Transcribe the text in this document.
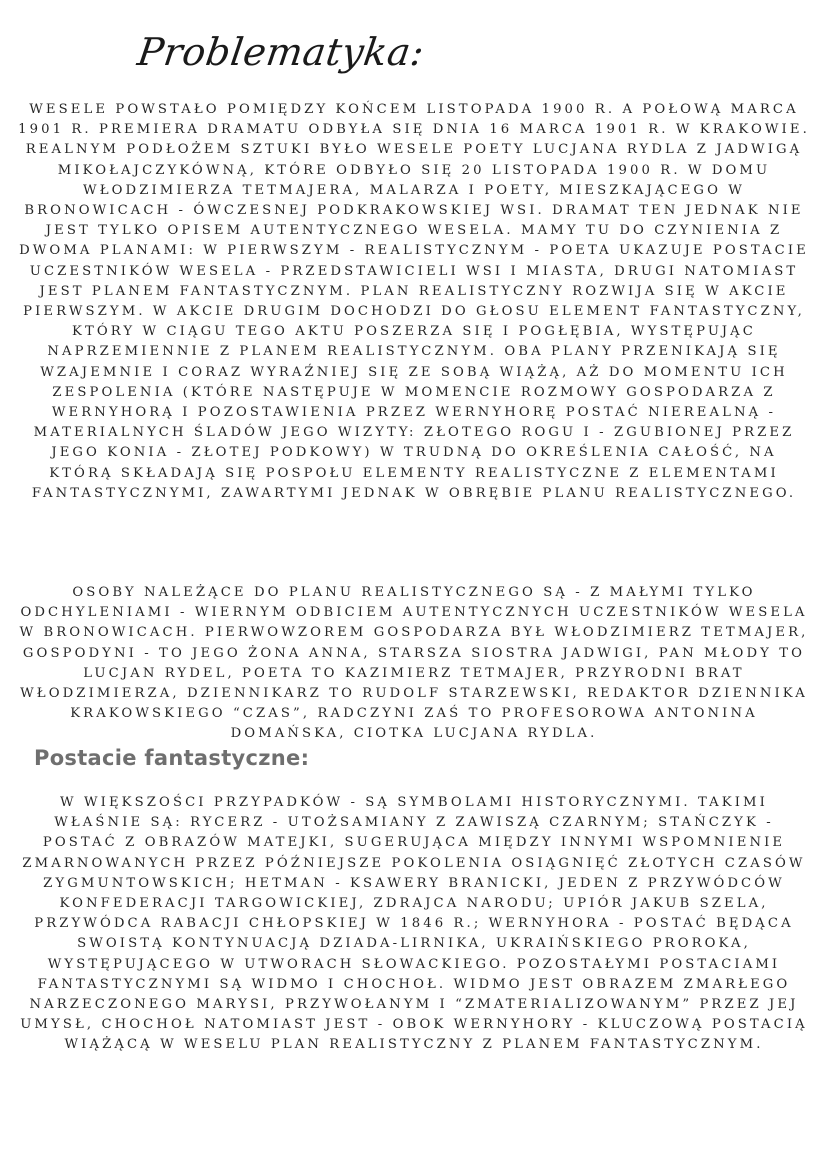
Problematyka:

WESELE POWSTAŁO POMIĘDZY KOŃCEM LISTOPADA 1900 R. A POŁOWĄ MARCA 1901 R. PREMIERA DRAMATU ODBYŁA SIĘ DNIA 16 MARCA 1901 R. W KRAKOWIE. REALNYM PODŁOŻEM SZTUKI BYŁO WESELE POETY LUCJANA RYDLA Z JADWIGĄ MIKOŁAJCZYKÓWNĄ, KTÓRE ODBYŁO SIĘ 20 LISTOPADA 1900 R. W DOMU WŁODZIMIERZA TETMAJERA, MALARZA I POETY, MIESZKAJĄCEGO W BRONOWICACH - ÓWCZESNEJ PODKRAKOWSKIEJ WSI. DRAMAT TEN JEDNAK NIE JEST TYLKO OPISEM AUTENTYCZNEGO WESELA. MAMY TU DO CZYNIENIA Z DWOMA PLANAMI: W PIERWSZYM - REALISTYCZNYM - POETA UKAZUJE POSTACIE UCZESTNIKÓW WESELA - PRZEDSTAWICIELI WSI I MIASTA, DRUGI NATOMIAST JEST PLANEM FANTASTYCZNYM. PLAN REALISTYCZNY ROZWIJA SIĘ W AKCIE PIERWSZYM. W AKCIE DRUGIM DOCHODZI DO GŁOSU ELEMENT FANTASTYCZNY, KTÓRY W CIĄGU TEGO AKTU POSZERZA SIĘ I POGŁĘBIA, WYSTĘPUJĄC NAPRZEMIENNIE Z PLANEM REALISTYCZNYM. OBA PLANY PRZENIKAJĄ SIĘ WZAJEMNIE I CORAZ WYRAŹNIEJ SIĘ ZE SOBĄ WIĄŻĄ, AŻ DO MOMENTU ICH ZESPOLENIA (KTÓRE NASTĘPUJE W MOMENCIE ROZMOWY GOSPODARZA Z WERNYHORĄ I POZOSTAWIENIA PRZEZ WERNYHORĘ POSTAĆ NIEREALNĄ - MATERIALNYCH ŚLADÓW JEGO WIZYTY: ZŁOTEGO ROGU I - ZGUBIONEJ PRZEZ JEGO KONIA - ZŁOTEJ PODKOWY) W TRUDNĄ DO OKREŚLENIA CAŁOŚĆ, NA KTÓRĄ SKŁADAJĄ SIĘ POSPOŁU ELEMENTY REALISTYCZNE Z ELEMENTAMI FANTASTYCZNYMI, ZAWARTYMI JEDNAK W OBRĘBIE PLANU REALISTYCZNEGO.

OSOBY NALEŻĄCE DO PLANU REALISTYCZNEGO SĄ - Z MAŁYMI TYLKO ODCHYLENIAMI - WIERNYM ODBICIEM AUTENTYCZNYCH UCZESTNIKÓW WESELA W BRONOWICACH. PIERWOWZOREM GOSPODARZA BYŁ WŁODZIMIERZ TETMAJER, GOSPODYNI - TO JEGO ŻONA ANNA, STARSZA SIOSTRA JADWIGI, PAN MŁODY TO LUCJAN RYDEL, POETA TO KAZIMIERZ TETMAJER, PRZYRODNI BRAT WŁODZIMIERZA, DZIENNIKARZ TO RUDOLF STARZEWSKI, REDAKTOR DZIENNIKA KRAKOWSKIEGO “CZAS”, RADCZYNI ZAŚ TO PROFESOROWA ANTONINA DOMAŃSKA, CIOTKA LUCJANA RYDLA.

Postacie fantastyczne:

W WIĘKSZOŚCI PRZYPADKÓW - SĄ SYMBOLAMI HISTORYCZNYMI. TAKIMI WŁAŚNIE SĄ: RYCERZ - UTOŻSAMIANY Z ZAWISZĄ CZARNYM; STAŃCZYK - POSTAĆ Z OBRAZÓW MATEJKI, SUGERUJĄCA MIĘDZY INNYMI WSPOMNIENIE ZMARNOWANYCH PRZEZ PÓŹNIEJSZE POKOLENIA OSIĄGNIĘĆ ZŁOTYCH CZASÓW ZYGMUNTOWSKICH; HETMAN - KSAWERY BRANICKI, JEDEN Z PRZYWÓDCÓW KONFEDERACJI TARGOWICKIEJ, ZDRAJCA NARODU; UPIÓR JAKUB SZELA, PRZYWÓDCA RABACJI CHŁOPSKIEJ W 1846 R.; WERNYHORA - POSTAĆ BĘDĄCA SWOISTĄ KONTYNUACJĄ DZIADA-LIRNIKA, UKRAIŃSKIEGO PROROKA, WYSTĘPUJĄCEGO W UTWORACH SŁOWACKIEGO. POZOSTAŁYMI POSTACIAMI FANTASTYCZNYMI SĄ WIDMO I CHOCHOŁ. WIDMO JEST OBRAZEM ZMARŁEGO NARZECZONEGO MARYSI, PRZYWOŁANYM I “ZMATERIALIZOWANYM” PRZEZ JEJ UMYSŁ, CHOCHOŁ NATOMIAST JEST - OBOK WERNYHORY - KLUCZOWĄ POSTACIĄ WIĄŻĄCĄ W WESELU PLAN REALISTYCZNY Z PLANEM FANTASTYCZNYM.
